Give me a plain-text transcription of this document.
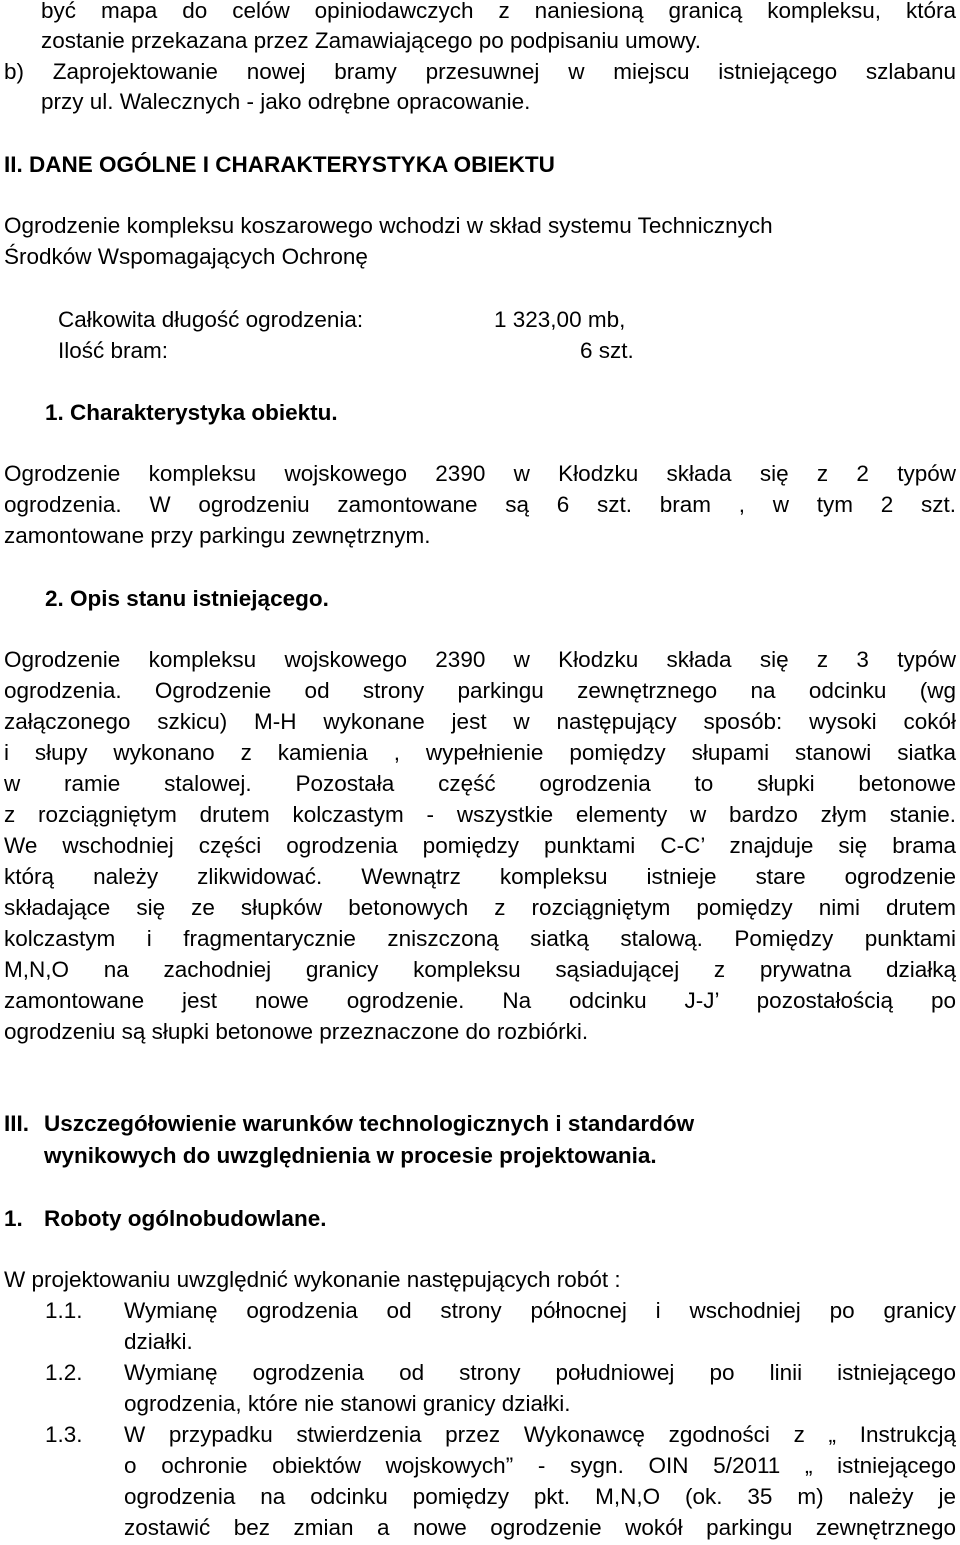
być mapa do celów opiniodawczych z naniesioną granicą kompleksu, która
zostanie przekazana przez Zamawiającego po podpisaniu umowy.
b) Zaprojektowanie nowej bramy przesuwnej w miejscu istniejącego szlabanu
przy ul. Walecznych - jako odrębne opracowanie.
II. DANE OGÓLNE I CHARAKTERYSTYKA OBIEKTU
Ogrodzenie kompleksu koszarowego wchodzi w skład systemu Technicznych
Środków Wspomagających Ochronę
Całkowita długość ogrodzenia:	1 323,00 mb,
Ilość bram:	6 szt.
1. Charakterystyka obiektu.
Ogrodzenie kompleksu wojskowego 2390 w Kłodzku składa się z 2 typów
ogrodzenia. W ogrodzeniu zamontowane są 6 szt. bram , w tym 2 szt.
zamontowane przy parkingu zewnętrznym.
2. Opis stanu istniejącego.
Ogrodzenie kompleksu wojskowego 2390 w Kłodzku składa się z 3 typów
ogrodzenia. Ogrodzenie od strony parkingu zewnętrznego na odcinku (wg
załączonego szkicu) M-H wykonane jest w następujący sposób: wysoki cokół
i słupy wykonano z kamienia , wypełnienie pomiędzy słupami stanowi siatka
w ramie stalowej. Pozostała część ogrodzenia to słupki betonowe
z rozciągniętym drutem kolczastym - wszystkie elementy w bardzo złym stanie.
We wschodniej części ogrodzenia pomiędzy punktami C-C’ znajduje się brama
którą należy zlikwidować. Wewnątrz kompleksu istnieje stare ogrodzenie
składające się ze słupków betonowych z rozciągniętym pomiędzy nimi drutem
kolczastym i fragmentarycznie zniszczoną siatką stalową. Pomiędzy punktami
M,N,O na zachodniej granicy kompleksu sąsiadującej z prywatna działką
zamontowane jest nowe ogrodzenie. Na odcinku J-J’ pozostałością po
ogrodzeniu są słupki betonowe przeznaczone do rozbiórki.
III. Uszczegółowienie warunków technologicznych i standardów
wynikowych do uwzględnienia w procesie projektowania.
1. Roboty ogólnobudowlane.
W projektowaniu uwzględnić wykonanie następujących robót :
1.1.	Wymianę ogrodzenia od strony północnej i wschodniej po granicy
działki.
1.2.	Wymianę ogrodzenia od strony południowej po linii istniejącego
ogrodzenia, które nie stanowi granicy działki.
1.3.	W przypadku stwierdzenia przez Wykonawcę zgodności z „ Instrukcją
o ochronie obiektów wojskowych” - sygn. OIN 5/2011 „ istniejącego
ogrodzenia na odcinku pomiędzy pkt. M,N,O (ok. 35 m) należy je
zostawić bez zmian a nowe ogrodzenie wokół parkingu zewnętrznego
